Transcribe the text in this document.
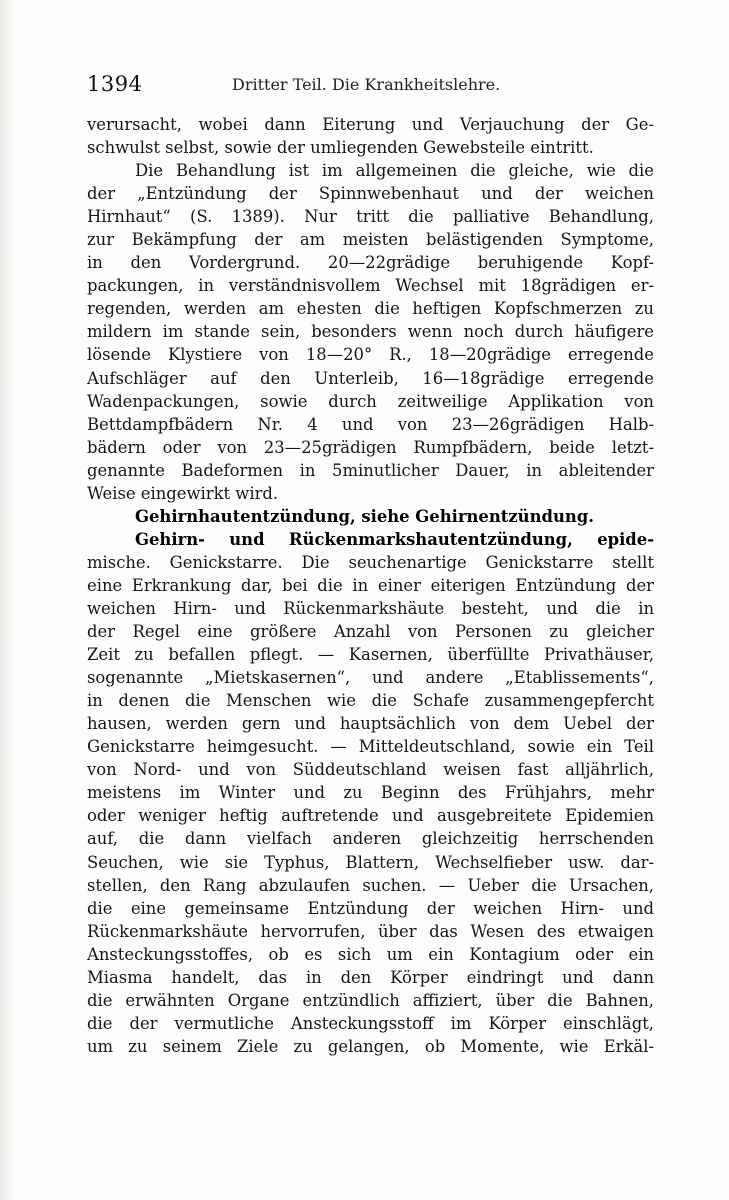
1394	Dritter Teil. Die Krankheitslehre.
verursacht, wobei dann Eiterung und Verjauchung der Ge-
schwulst selbst, sowie der umliegenden Gewebsteile eintritt.
Die Behandlung ist im allgemeinen die gleiche, wie die
der „Entzündung der Spinnwebenhaut und der weichen
Hirnhaut“ (S. 1389). Nur tritt die palliative Behandlung,
zur Bekämpfung der am meisten belästigenden Symptome,
in den Vordergrund. 20—22grädige beruhigende Kopf-
packungen, in verständnisvollem Wechsel mit 18grädigen er-
regenden, werden am ehesten die heftigen Kopfschmerzen zu
mildern im stande sein, besonders wenn noch durch häufigere
lösende Klystiere von 18—20° R., 18—20grädige erregende
Aufschläger auf den Unterleib, 16—18grädige erregende
Wadenpackungen, sowie durch zeitweilige Applikation von
Bettdampfbädern Nr. 4 und von 23—26grädigen Halb-
bädern oder von 23—25grädigen Rumpfbädern, beide letzt-
genannte Badeformen in 5minutlicher Dauer, in ableitender
Weise eingewirkt wird.
Gehirnhautentzündung, siehe Gehirnentzündung.
Gehirn- und Rückenmarkshautentzündung, epide-
mische. Genickstarre. Die seuchenartige Genickstarre stellt
eine Erkrankung dar, bei die in einer eiterigen Entzündung der
weichen Hirn- und Rückenmarkshäute besteht, und die in
der Regel eine größere Anzahl von Personen zu gleicher
Zeit zu befallen pflegt. — Kasernen, überfüllte Privathäuser,
sogenannte „Mietskasernen“, und andere „Etablissements“,
in denen die Menschen wie die Schafe zusammengepfercht
hausen, werden gern und hauptsächlich von dem Uebel der
Genickstarre heimgesucht. — Mitteldeutschland, sowie ein Teil
von Nord- und von Süddeutschland weisen fast alljährlich,
meistens im Winter und zu Beginn des Frühjahrs, mehr
oder weniger heftig auftretende und ausgebreitete Epidemien
auf, die dann vielfach anderen gleichzeitig herrschenden
Seuchen, wie sie Typhus, Blattern, Wechselfieber usw. dar-
stellen, den Rang abzulaufen suchen. — Ueber die Ursachen,
die eine gemeinsame Entzündung der weichen Hirn- und
Rückenmarkshäute hervorrufen, über das Wesen des etwaigen
Ansteckungsstoffes, ob es sich um ein Kontagium oder ein
Miasma handelt, das in den Körper eindringt und dann
die erwähnten Organe entzündlich affiziert, über die Bahnen,
die der vermutliche Ansteckungsstoff im Körper einschlägt,
um zu seinem Ziele zu gelangen, ob Momente, wie Erkäl-
